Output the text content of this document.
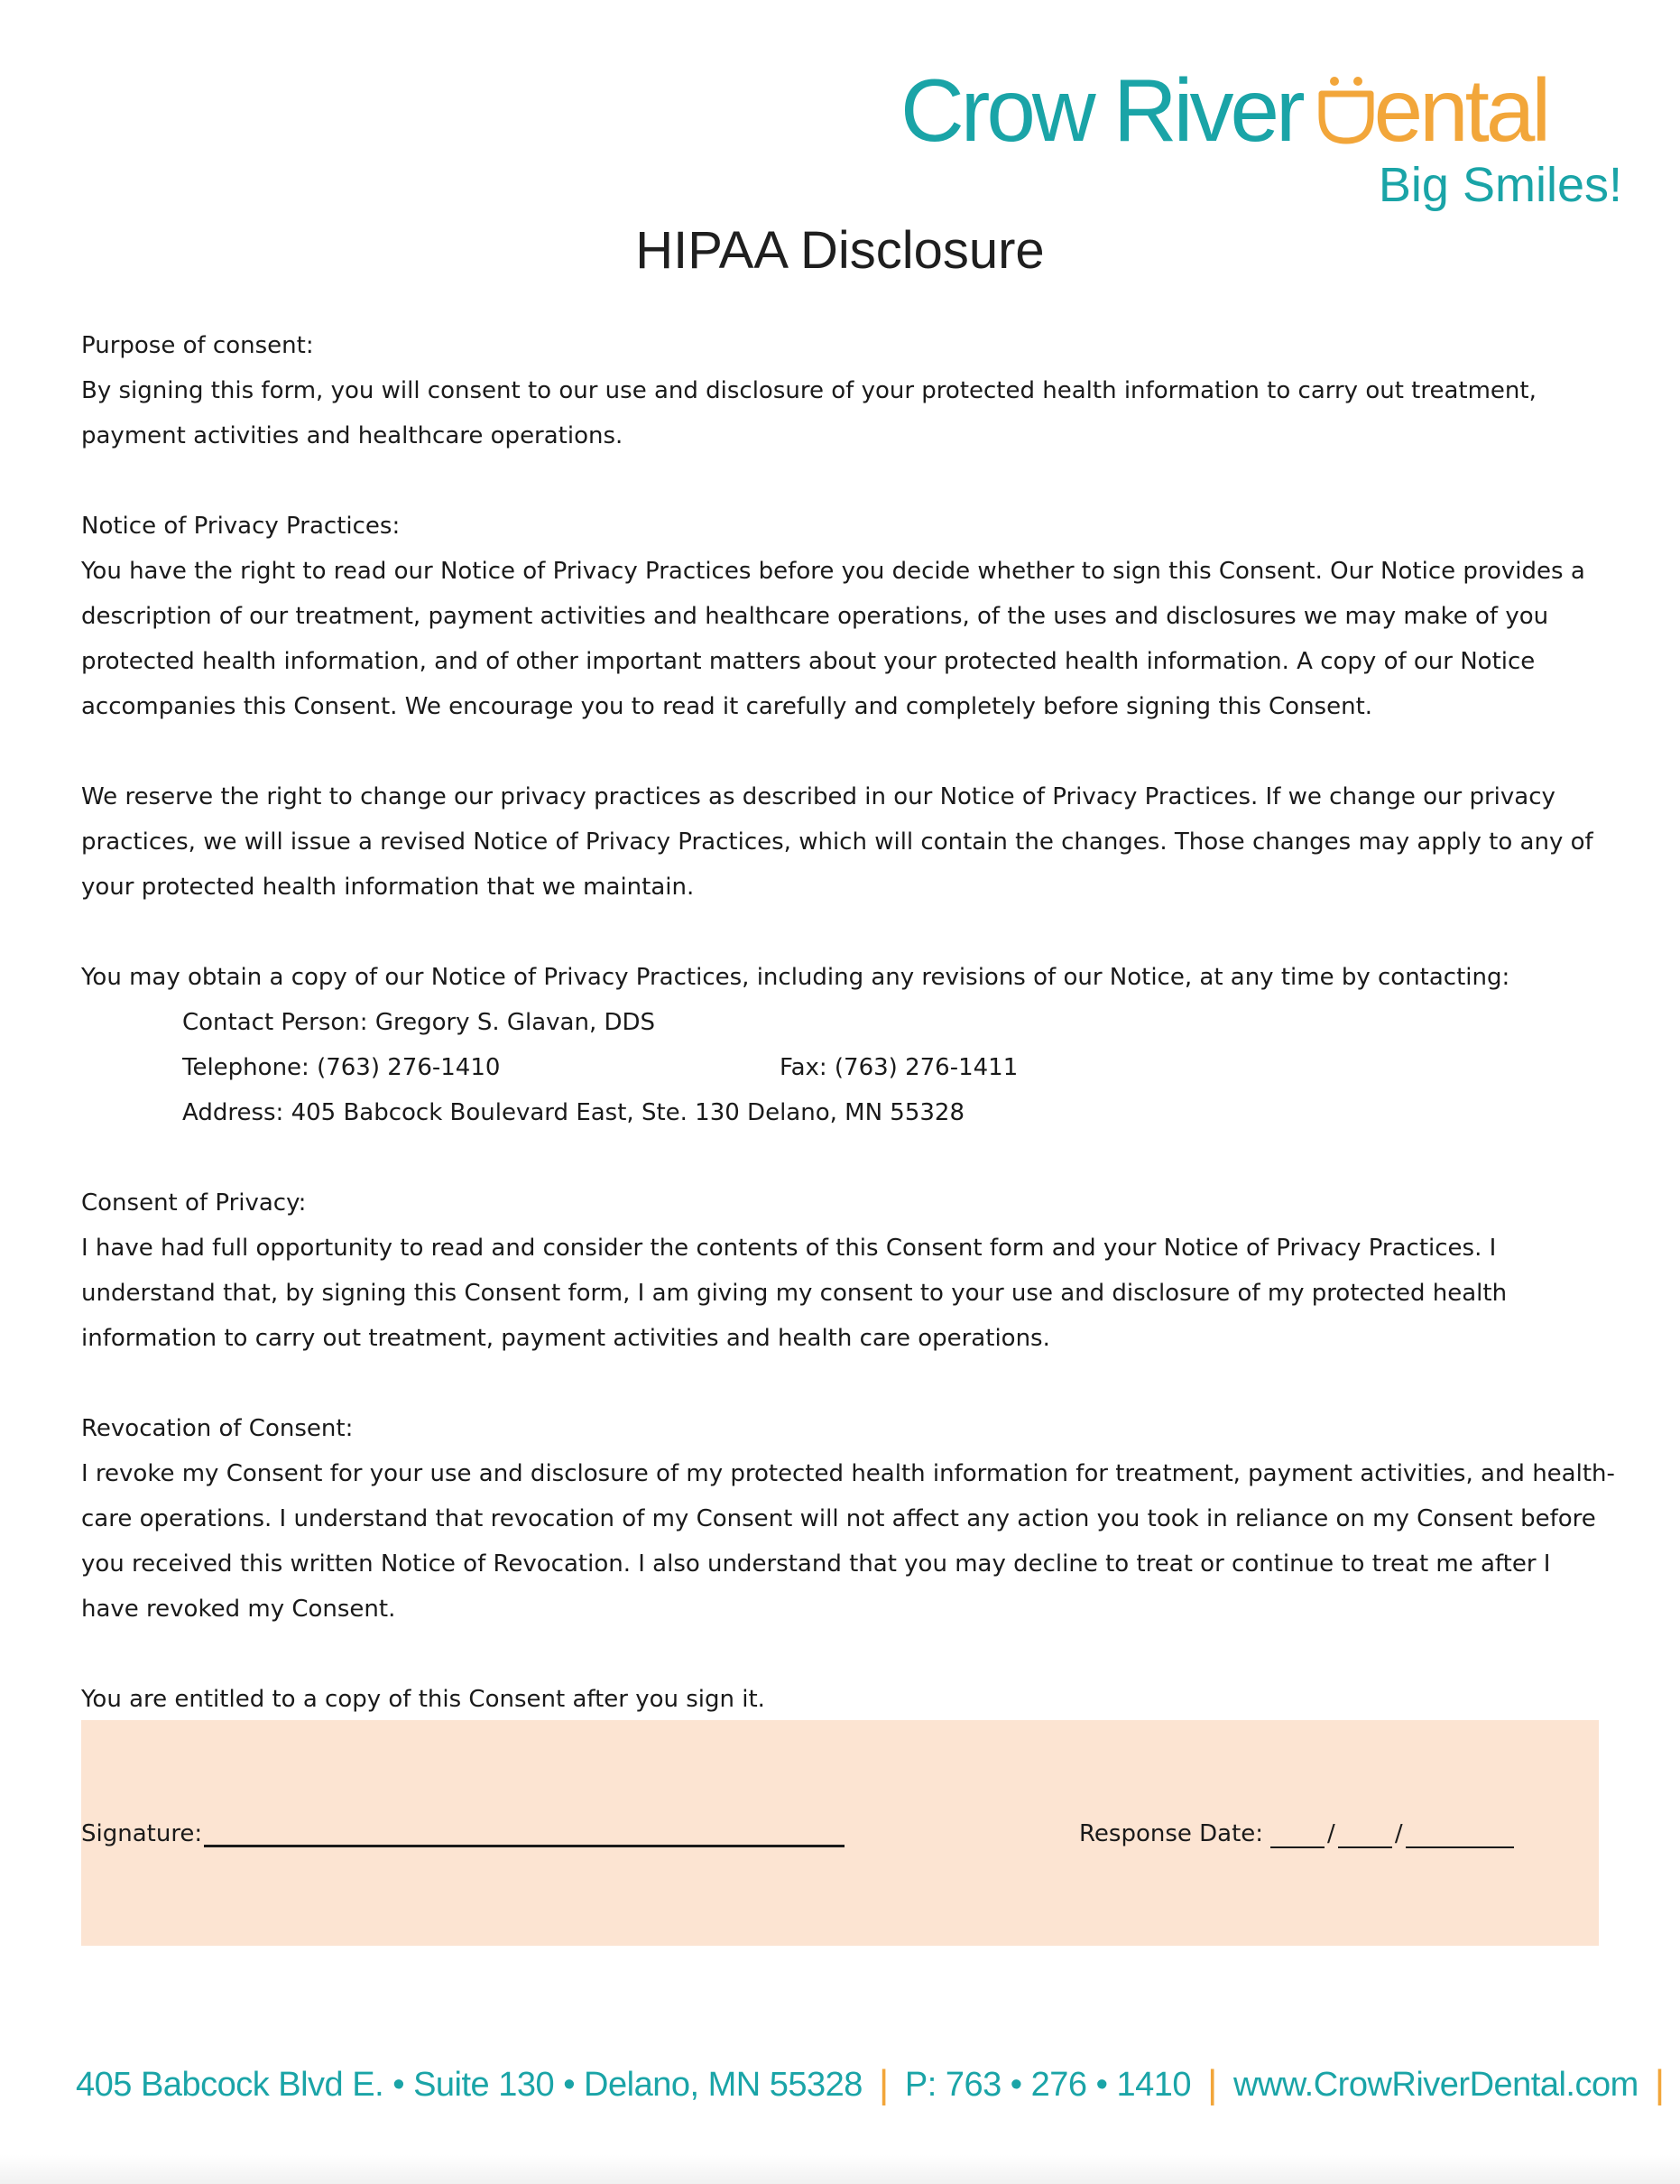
Crow River ental
Big Smiles!
HIPAA Disclosure

Purpose of consent:

By signing this form, you will consent to our use and disclosure of your protected health information to carry out treatment, payment activities and healthcare operations.

Notice of Privacy Practices:

You have the right to read our Notice of Privacy Practices before you decide whether to sign this Consent. Our Notice provides a description of our treatment, payment activities and healthcare operations, of the uses and disclosures we may make of you protected health information, and of other important matters about your protected health information. A copy of our Notice accompanies this Consent. We encourage you to read it carefully and completely before signing this Consent.

We reserve the right to change our privacy practices as described in our Notice of Privacy Practices. If we change our privacy practices, we will issue a revised Notice of Privacy Practices, which will contain the changes. Those changes may apply to any of your protected health information that we maintain.

You may obtain a copy of our Notice of Privacy Practices, including any revisions of our Notice, at any time by contacting:

Contact Person: Gregory S. Glavan, DDS

Telephone: (763) 276-1410	Fax: (763) 276-1411

Address: 405 Babcock Boulevard East, Ste. 130 Delano, MN 55328

Consent of Privacy:

I have had full opportunity to read and consider the contents of this Consent form and your Notice of Privacy Practices. I understand that, by signing this Consent form, I am giving my consent to your use and disclosure of my protected health information to carry out treatment, payment activities and health care operations.

Revocation of Consent:

I revoke my Consent for your use and disclosure of my protected health information for treatment, payment activities, and health-care operations. I understand that revocation of my Consent will not affect any action you took in reliance on my Consent before you received this written Notice of Revocation. I also understand that you may decline to treat or continue to treat me after I have revoked my Consent.

You are entitled to a copy of this Consent after you sign it.

Signature:	Response Date:	/	/
405 Babcock Blvd E. • Suite 130 • Delano, MN 55328 | P: 763 • 276 • 1410 | www.CrowRiverDental.com |
